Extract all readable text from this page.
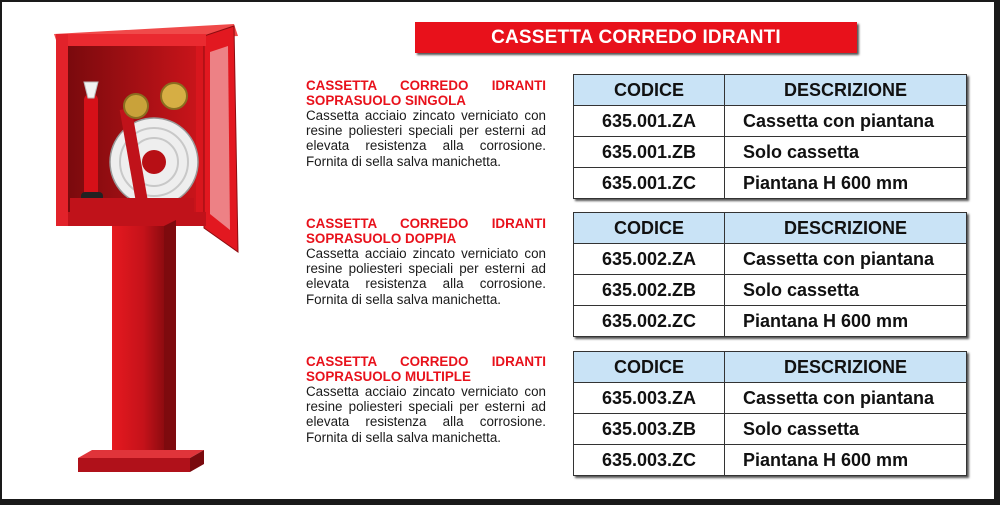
CASSETTA CORREDO IDRANTI
CASSETTA CORREDO IDRANTI
SOPRASUOLO SINGOLA
Cassetta acciaio zincato verniciato con resine poliesteri speciali per esterni ad elevata resistenza alla corrosione. Fornita di sella salva manichetta.
CODICE	DESCRIZIONE
635.001.ZA	Cassetta con piantana
635.001.ZB	Solo cassetta
635.001.ZC	Piantana H 600 mm
CASSETTA CORREDO IDRANTI
SOPRASUOLO DOPPIA
Cassetta acciaio zincato verniciato con resine poliesteri speciali per esterni ad elevata resistenza alla corrosione. Fornita di sella salva manichetta.
CODICE	DESCRIZIONE
635.002.ZA	Cassetta con piantana
635.002.ZB	Solo cassetta
635.002.ZC	Piantana H 600 mm
CASSETTA CORREDO IDRANTI
SOPRASUOLO MULTIPLE
Cassetta acciaio zincato verniciato con resine poliesteri speciali per esterni ad elevata resistenza alla corrosione. Fornita di sella salva manichetta.
CODICE	DESCRIZIONE
635.003.ZA	Cassetta con piantana
635.003.ZB	Solo cassetta
635.003.ZC	Piantana H 600 mm
